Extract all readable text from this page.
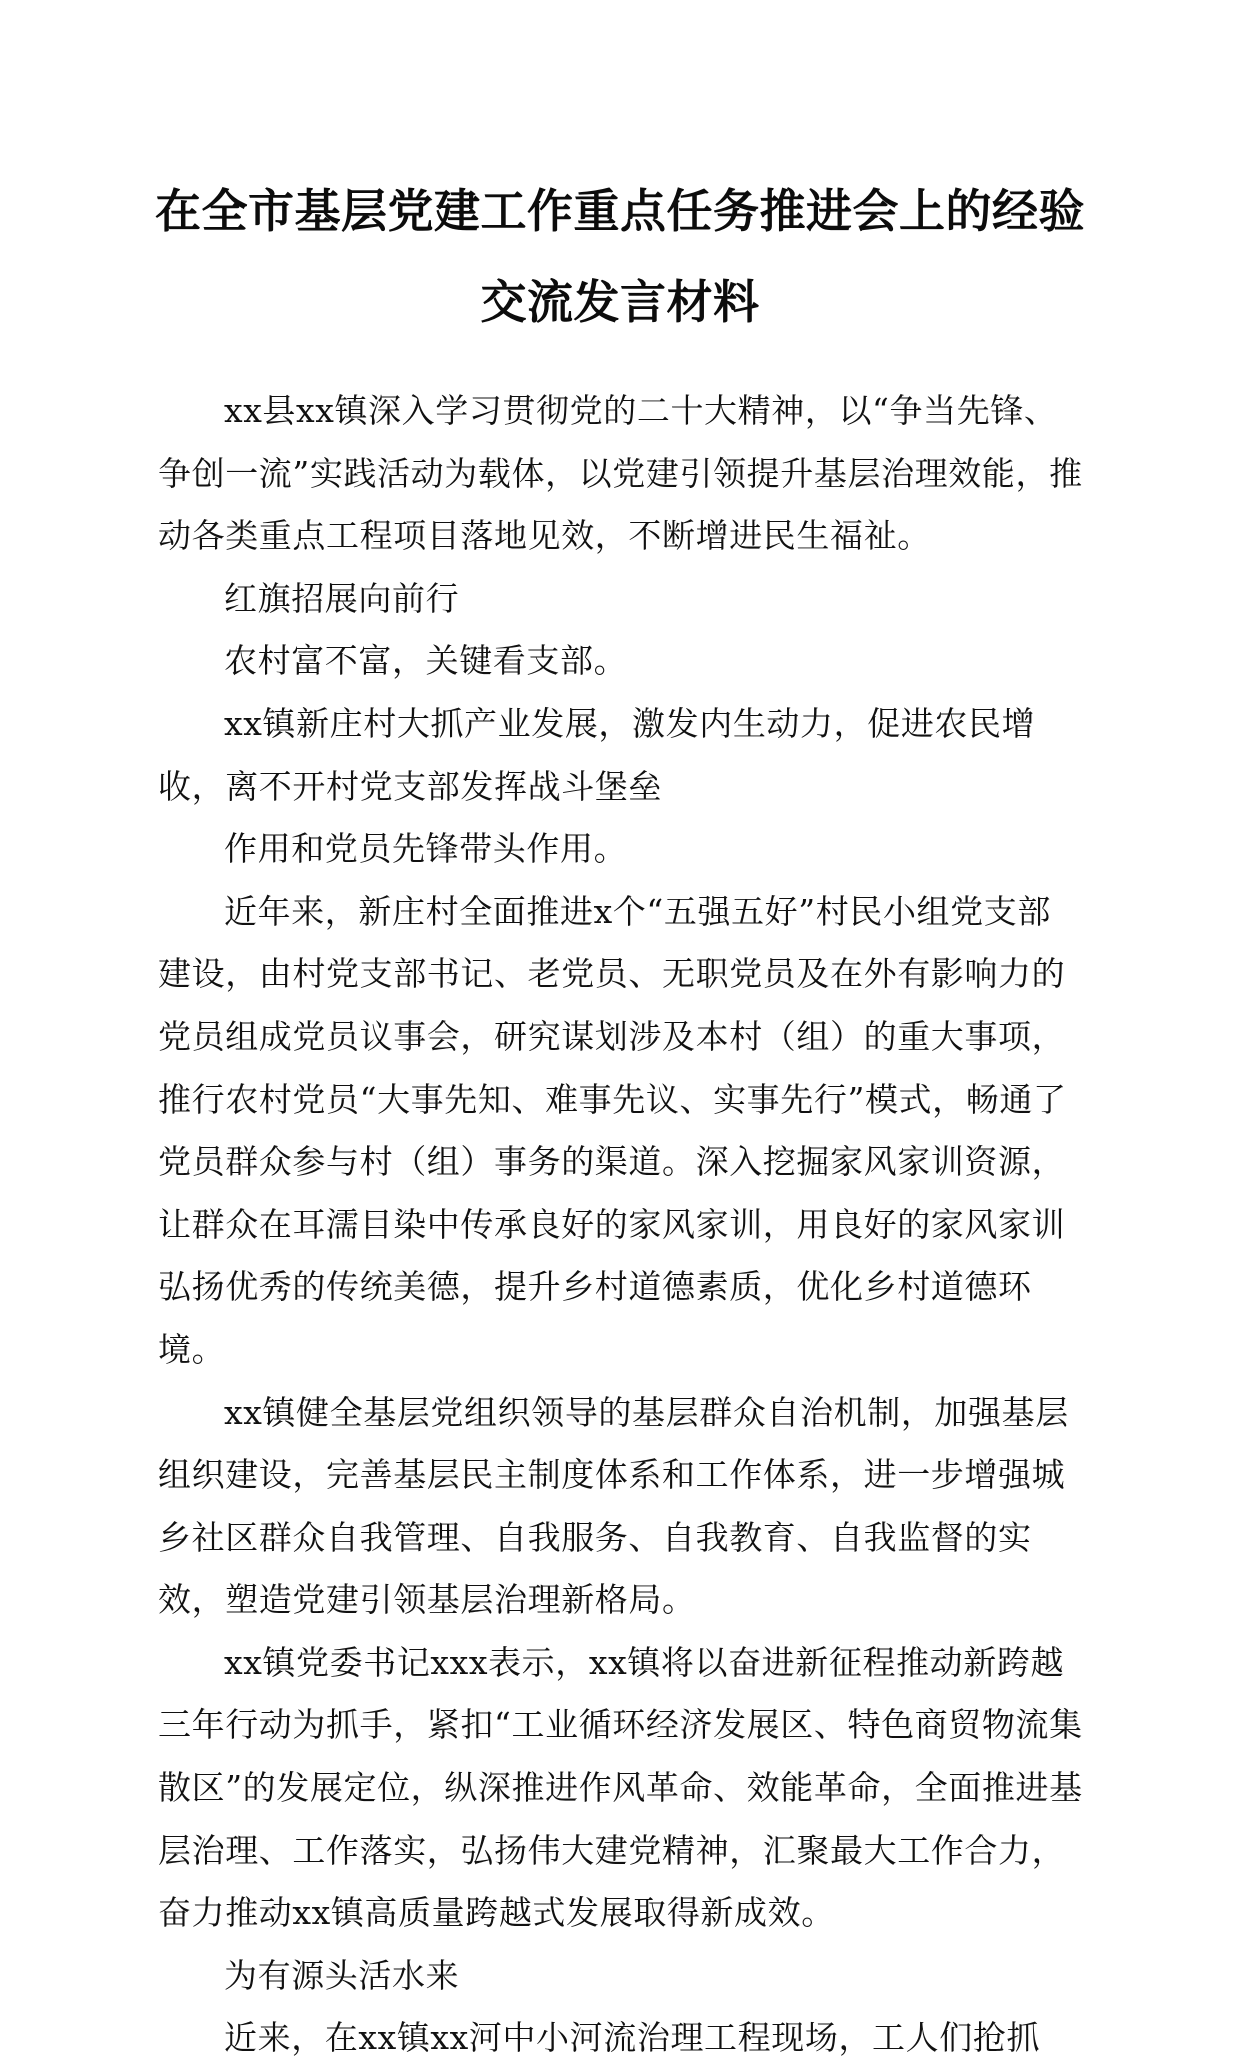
在全市基层党建工作重点任务推进会上的经验
交流发言材料

xx县xx镇深入学习贯彻党的二十大精神，以“争当先锋、争创一流”实践活动为载体，以党建引领提升基层治理效能，推动各类重点工程项目落地见效，不断增进民生福祉。

红旗招展向前行

农村富不富，关键看支部。

xx镇新庄村大抓产业发展，激发内生动力，促进农民增收，离不开村党支部发挥战斗堡垒

作用和党员先锋带头作用。

近年来，新庄村全面推进x个“五强五好”村民小组党支部建设，由村党支部书记、老党员、无职党员及在外有影响力的党员组成党员议事会，研究谋划涉及本村（组）的重大事项，推行农村党员“大事先知、难事先议、实事先行”模式，畅通了党员群众参与村（组）事务的渠道。深入挖掘家风家训资源，让群众在耳濡目染中传承良好的家风家训，用良好的家风家训弘扬优秀的传统美德，提升乡村道德素质，优化乡村道德环境。

xx镇健全基层党组织领导的基层群众自治机制，加强基层组织建设，完善基层民主制度体系和工作体系，进一步增强城乡社区群众自我管理、自我服务、自我教育、自我监督的实效，塑造党建引领基层治理新格局。

xx镇党委书记xxx表示，xx镇将以奋进新征程推动新跨越三年行动为抓手，紧扣“工业循环经济发展区、特色商贸物流集散区”的发展定位，纵深推进作风革命、效能革命，全面推进基层治理、工作落实，弘扬伟大建党精神，汇聚最大工作合力，奋力推动xx镇高质量跨越式发展取得新成效。

为有源头活水来

近来，在xx镇xx河中小河流治理工程现场，工人们抢抓
